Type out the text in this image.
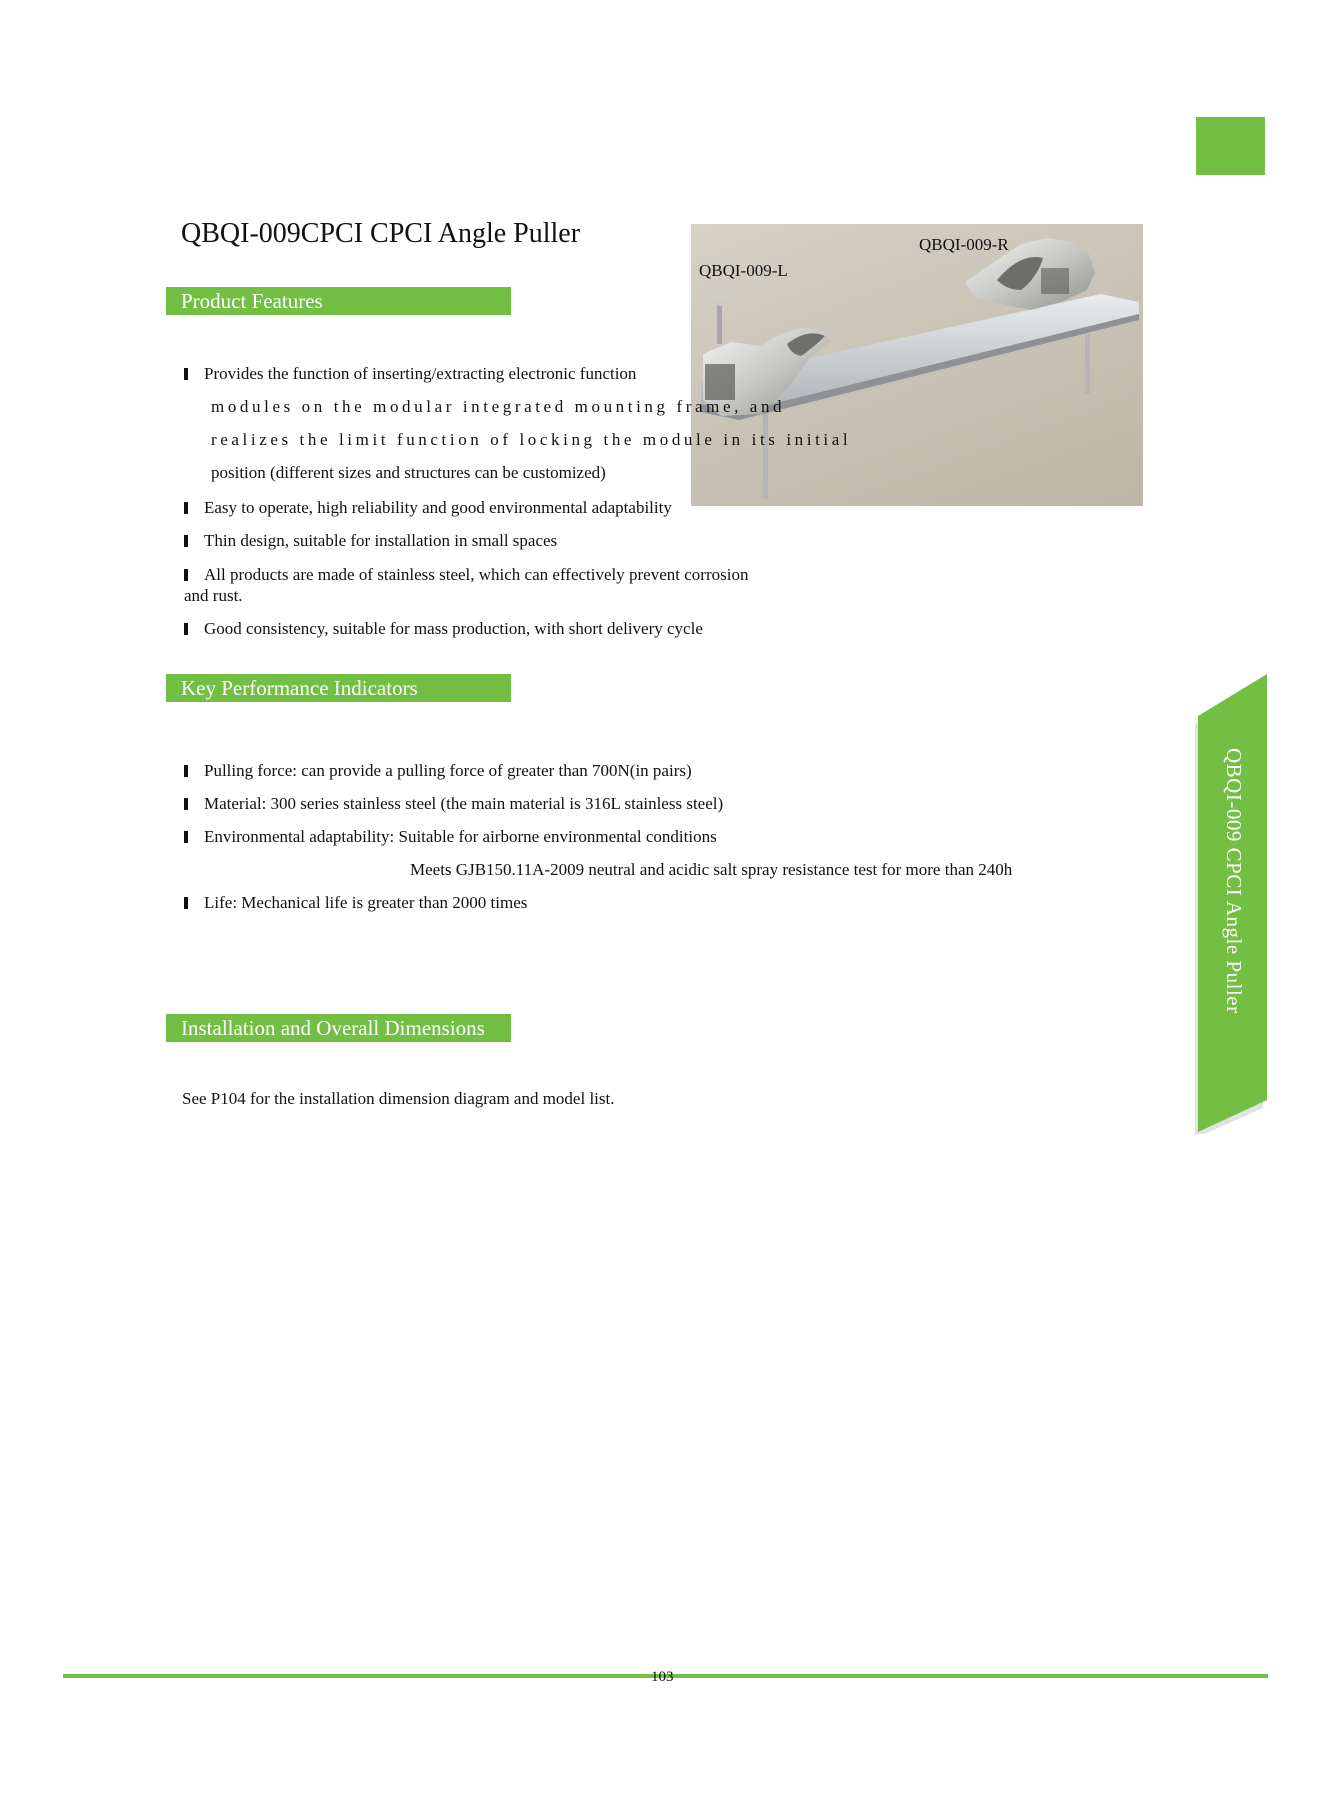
QBQI-009CPCI CPCI Angle Puller	QBQI-009-R
QBQI-009-L
Product Features
Provides the function of inserting/extracting electronic function
modules on the modular integrated mounting frame, and
realizes the limit function of locking the module in its initial
position (different sizes and structures can be customized)
Easy to operate, high reliability and good environmental adaptability
Thin design, suitable for installation in small spaces
All products are made of stainless steel, which can effectively prevent corrosion
and rust.
Good consistency, suitable for mass production, with short delivery cycle
Key Performance Indicators
Pulling force: can provide a pulling force of greater than 700N(in pairs)
Material: 300 series stainless steel (the main material is 316L stainless steel)
Environmental adaptability: Suitable for airborne environmental conditions
Meets GJB150.11A-2009 neutral and acidic salt spray resistance test for more than 240h
Life: Mechanical life is greater than 2000 times
Installation and Overall Dimensions
See P104 for the installation dimension diagram and model list.
QBQI-009 CPCI Angle Puller
103
